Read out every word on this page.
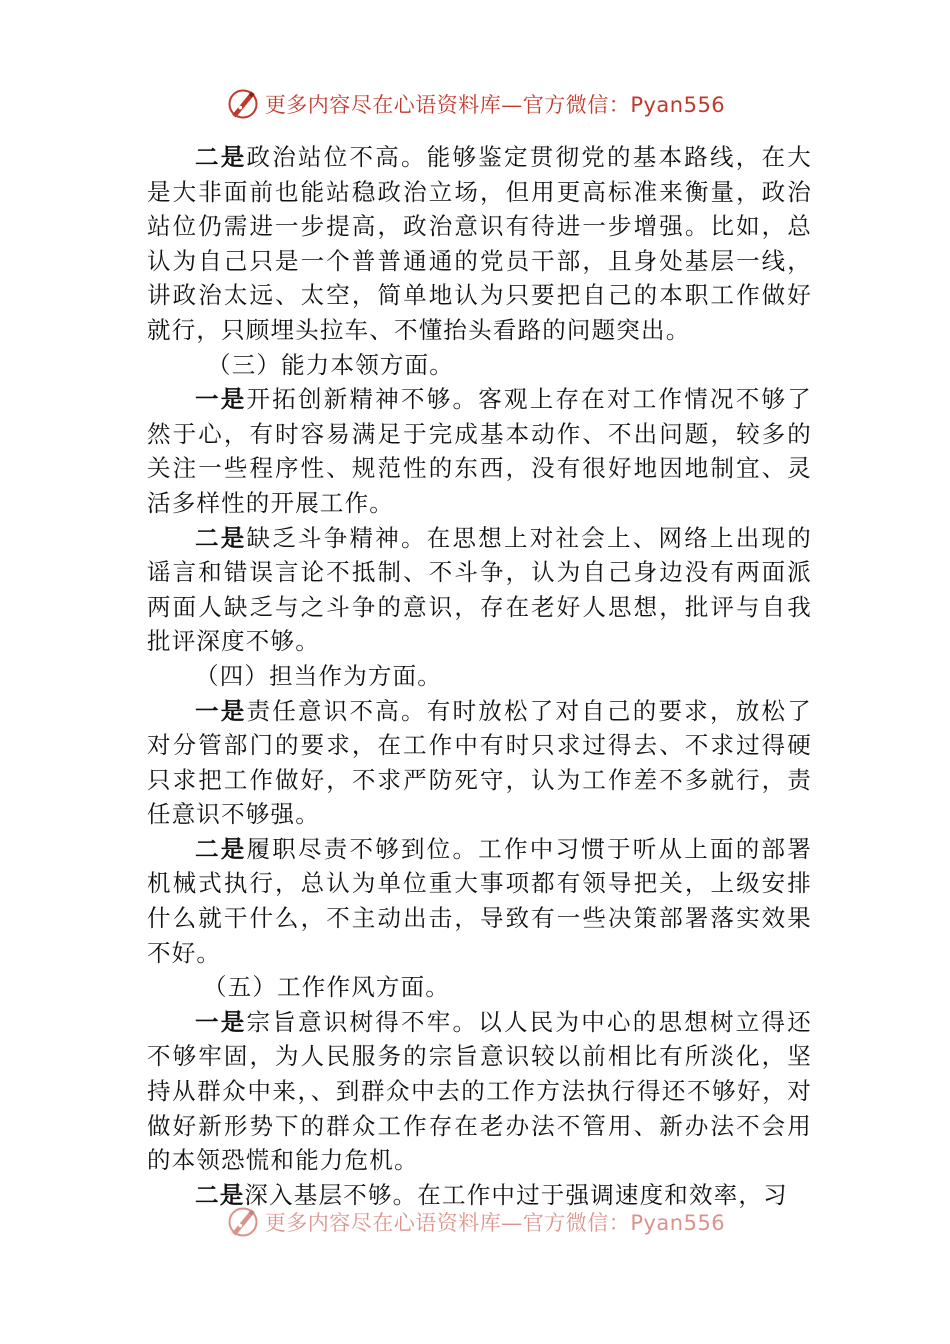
更多内容尽在心语资料库—官方微信：Pyan556

二是政治站位不高。能够鉴定贯彻党的基本路线，在大是大非面前也能站稳政治立场，但用更高标准来衡量，政治站位仍需进一步提高，政治意识有待进一步增强。比如，总认为自己只是一个普普通通的党员干部，且身处基层一线，讲政治太远、太空，简单地认为只要把自己的本职工作做好就行，只顾埋头拉车、不懂抬头看路的问题突出。

（三）能力本领方面。

一是开拓创新精神不够。客观上存在对工作情况不够了然于心，有时容易满足于完成基本动作、不出问题，较多的关注一些程序性、规范性的东西，没有很好地因地制宜、灵活多样性的开展工作。

二是缺乏斗争精神。在思想上对社会上、网络上出现的谣言和错误言论不抵制、不斗争，认为自己身边没有两面派两面人缺乏与之斗争的意识，存在老好人思想，批评与自我批评深度不够。

（四）担当作为方面。

一是责任意识不高。有时放松了对自己的要求，放松了对分管部门的要求，在工作中有时只求过得去、不求过得硬只求把工作做好，不求严防死守，认为工作差不多就行，责任意识不够强。

二是履职尽责不够到位。工作中习惯于听从上面的部署机械式执行，总认为单位重大事项都有领导把关，上级安排什么就干什么，不主动出击，导致有一些决策部署落实效果不好。

（五）工作作风方面。

一是宗旨意识树得不牢。以人民为中心的思想树立得还不够牢固，为人民服务的宗旨意识较以前相比有所淡化，坚持从群众中来，、到群众中去的工作方法执行得还不够好，对做好新形势下的群众工作存在老办法不管用、新办法不会用的本领恐慌和能力危机。

二是深入基层不够。在工作中过于强调速度和效率，习

更多内容尽在心语资料库—官方微信：Pyan556
